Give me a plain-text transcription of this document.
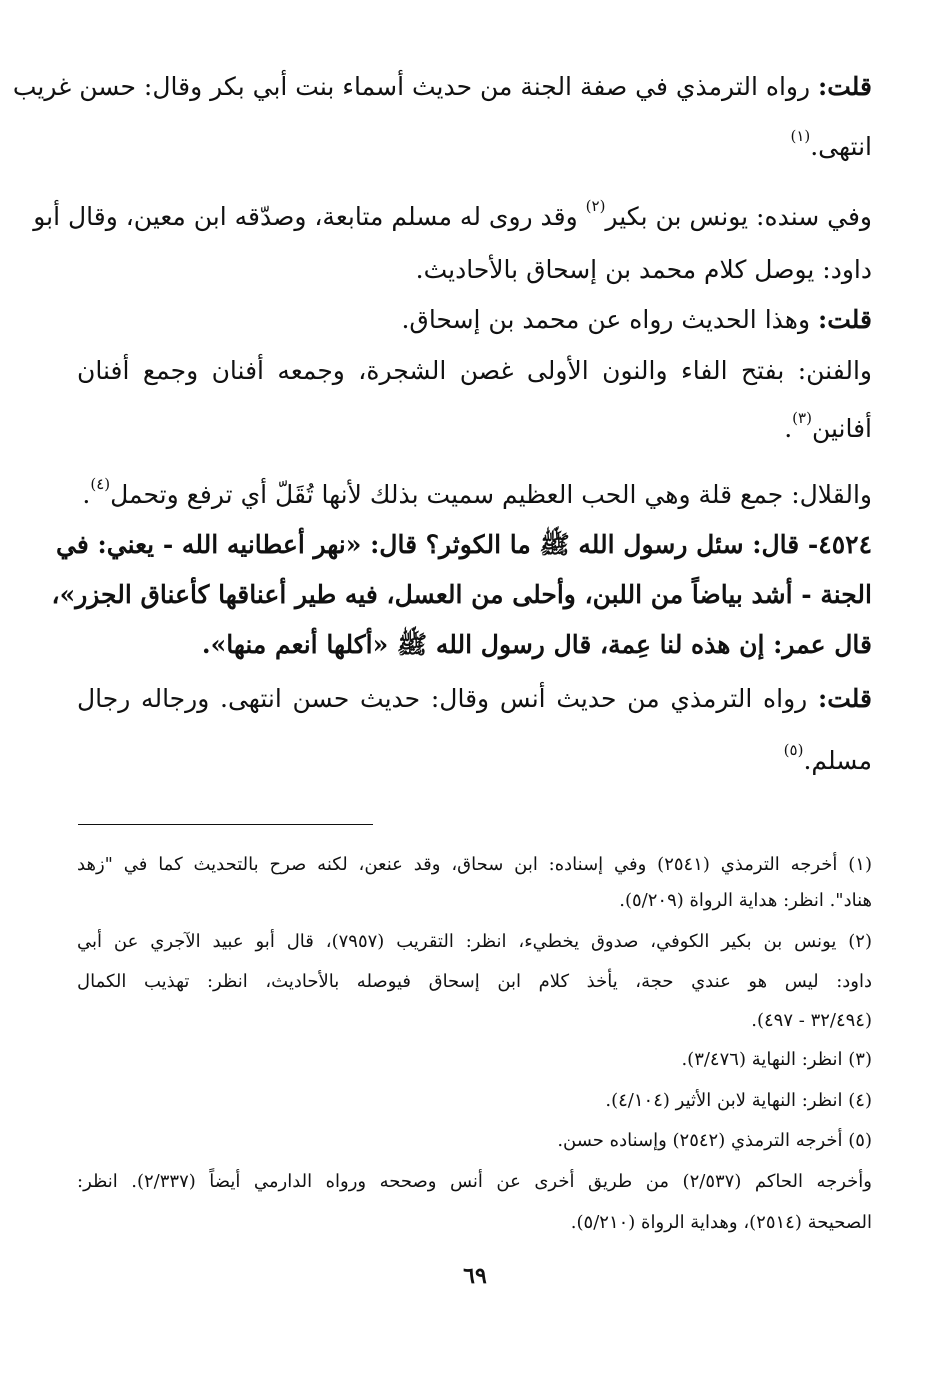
قلت: رواه الترمذي في صفة الجنة من حديث أسماء بنت أبي بكر وقال: حسن غريب
انتهى.$^{(١)}$
وفي سنده: يونس بن بكير$^{(٢)}$ وقد روى له مسلم متابعة، وصدّقه ابن معين، وقال أبو
داود: يوصل كلام محمد بن إسحاق بالأحاديث.
قلت: وهذا الحديث رواه عن محمد بن إسحاق.
والفنن: بفتح الفاء والنون الأولى غصن الشجرة، وجمعه أفنان وجمع أفنان
أفانين$^{(٣)}$.
والقلال: جمع قلة وهي الحب العظيم سميت بذلك لأنها تُقَلّ أي ترفع وتحمل$^{(٤)}$.
٤٥٢٤- قال: سئل رسول الله ﷺ ما الكوثر؟ قال: «نهر أعطانيه الله - يعني: في
الجنة - أشد بياضاً من اللبن، وأحلى من العسل، فيه طير أعناقها كأعناق الجزر»،
قال عمر: إن هذه لنا عِمة، قال رسول الله ﷺ «أكلها أنعم منها».
قلت: رواه الترمذي من حديث أنس وقال: حديث حسن انتهى. ورجاله رجال
مسلم.$^{(٥)}$
(١) أخرجه الترمذي (٢٥٤١) وفي إسناده: ابن سحاق، وقد عنعن، لكنه صرح بالتحديث كما في "زهد
هناد". انظر: هداية الرواة (٥/٢٠٩).
(٢) يونس بن بكير الكوفي، صدوق يخطيء، انظر: التقريب (٧٩٥٧)، قال أبو عبيد الآجري عن أبي
داود: ليس هو عندي حجة، يأخذ كلام ابن إسحاق فيوصله بالأحاديث، انظر: تهذيب الكمال
(٣٢/٤٩٤ - ٤٩٧).
(٣) انظر: النهاية (٣/٤٧٦).
(٤) انظر: النهاية لابن الأثير (٤/١٠٤).
(٥) أخرجه الترمذي (٢٥٤٢) وإسناده حسن.
وأخرجه الحاكم (٢/٥٣٧) من طريق أخرى عن أنس وصححه ورواه الدارمي أيضاً (٢/٣٣٧). انظر:
الصحيحة (٢٥١٤)، وهداية الرواة (٥/٢١٠).
٦٩
